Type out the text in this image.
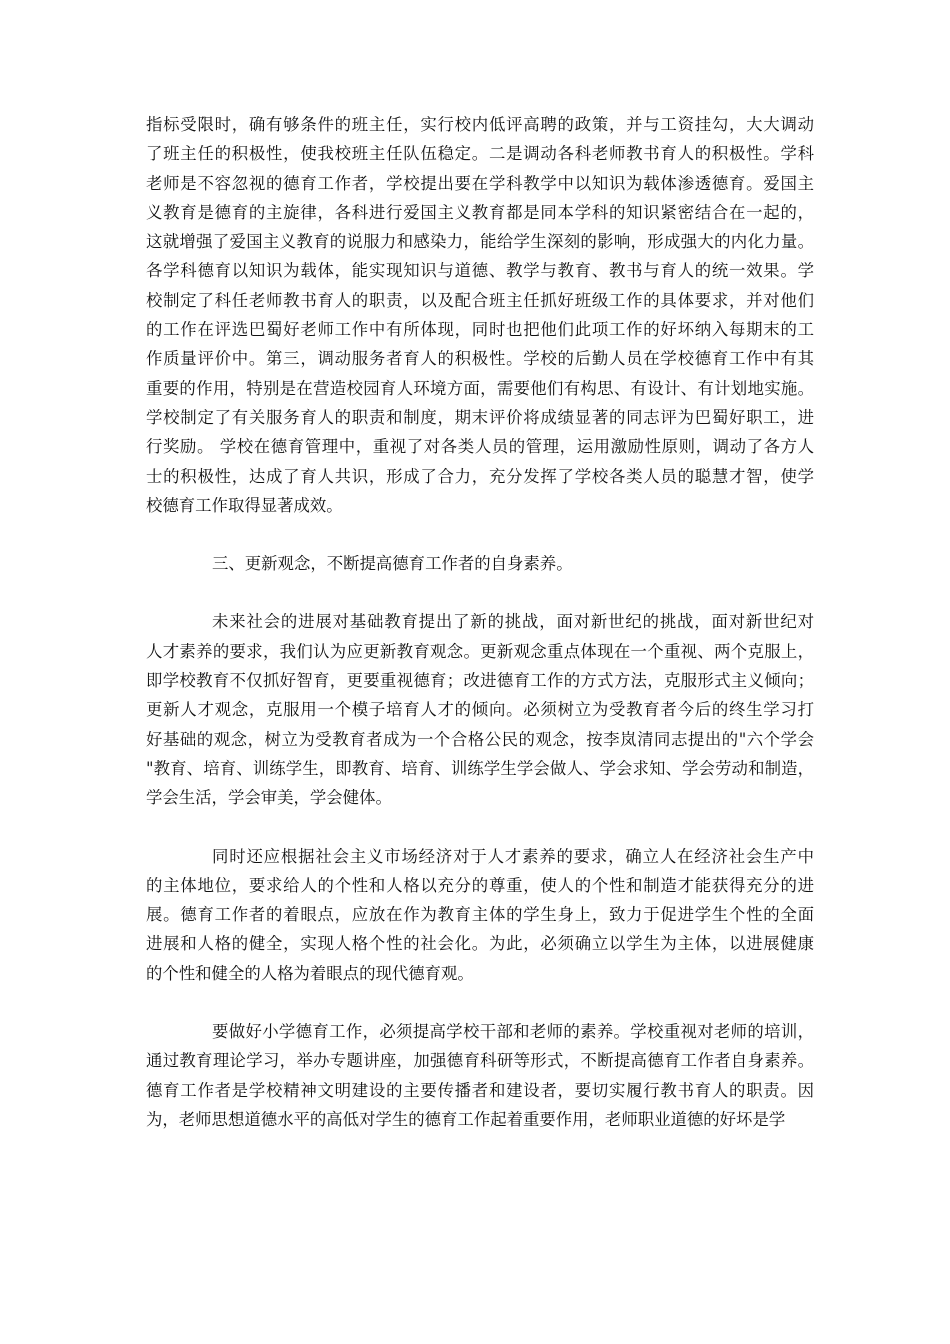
指标受限时，确有够条件的班主任，实行校内低评高聘的政策，并与工资挂勾，大大调动
了班主任的积极性，使我校班主任队伍稳定。二是调动各科老师教书育人的积极性。学科
老师是不容忽视的德育工作者，学校提出要在学科教学中以知识为载体渗透德育。爱国主
义教育是德育的主旋律，各科进行爱国主义教育都是同本学科的知识紧密结合在一起的，
这就增强了爱国主义教育的说服力和感染力，能给学生深刻的影响，形成强大的内化力量。
各学科德育以知识为载体，能实现知识与道德、教学与教育、教书与育人的统一效果。学
校制定了科任老师教书育人的职责，以及配合班主任抓好班级工作的具体要求，并对他们
的工作在评选巴蜀好老师工作中有所体现，同时也把他们此项工作的好坏纳入每期末的工
作质量评价中。第三，调动服务者育人的积极性。学校的后勤人员在学校德育工作中有其
重要的作用，特别是在营造校园育人环境方面，需要他们有构思、有设计、有计划地实施。
学校制定了有关服务育人的职责和制度，期末评价将成绩显著的同志评为巴蜀好职工，进
行奖励。 学校在德育管理中，重视了对各类人员的管理，运用激励性原则，调动了各方人
士的积极性，达成了育人共识，形成了合力，充分发挥了学校各类人员的聪慧才智，使学
校德育工作取得显著成效。
三、更新观念，不断提高德育工作者的自身素养。
未来社会的进展对基础教育提出了新的挑战，面对新世纪的挑战，面对新世纪对
人才素养的要求，我们认为应更新教育观念。更新观念重点体现在一个重视、两个克服上，
即学校教育不仅抓好智育，更要重视德育；改进德育工作的方式方法，克服形式主义倾向；
更新人才观念，克服用一个模子培育人才的倾向。必须树立为受教育者今后的终生学习打
好基础的观念，树立为受教育者成为一个合格公民的观念，按李岚清同志提出的"六个学会
"教育、培育、训练学生，即教育、培育、训练学生学会做人、学会求知、学会劳动和制造，
学会生活，学会审美，学会健体。
同时还应根据社会主义市场经济对于人才素养的要求，确立人在经济社会生产中
的主体地位，要求给人的个性和人格以充分的尊重，使人的个性和制造才能获得充分的进
展。德育工作者的着眼点，应放在作为教育主体的学生身上，致力于促进学生个性的全面
进展和人格的健全，实现人格个性的社会化。为此，必须确立以学生为主体，以进展健康
的个性和健全的人格为着眼点的现代德育观。
要做好小学德育工作，必须提高学校干部和老师的素养。学校重视对老师的培训，
通过教育理论学习，举办专题讲座，加强德育科研等形式，不断提高德育工作者自身素养。
德育工作者是学校精神文明建设的主要传播者和建设者，要切实履行教书育人的职责。因
为，老师思想道德水平的高低对学生的德育工作起着重要作用，老师职业道德的好坏是学
